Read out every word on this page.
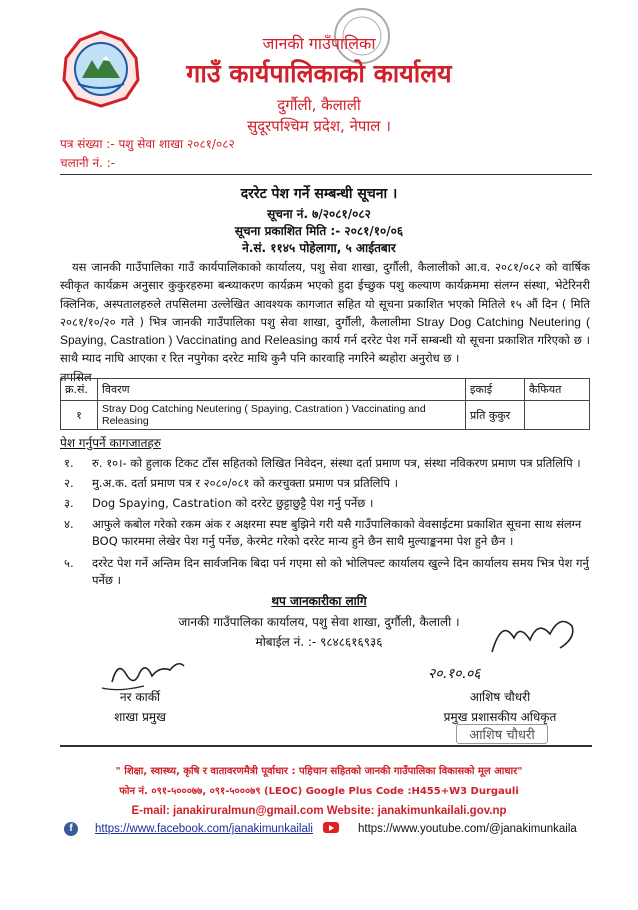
जानकी गाउँपालिका
गाउँ कार्यपालिकाको कार्यालय
दुर्गौली, कैलाली
सुदूरपश्चिम प्रदेश, नेपाल ।
पत्र संख्या :- पशु सेवा शाखा २०८१/०८२
चलानी नं. :-
दररेट पेश गर्ने सम्बन्धी सूचना ।
सूचना नं. ७/२०८१/०८२
सूचना प्रकाशित मिति :- २०८१/१०/०६
ने.सं. ११४५ पोहेलागा, ५ आईतबार

यस जानकी गाउँपालिका गाउँ कार्यपालिकाको कार्यालय, पशु सेवा शाखा, दुर्गौली, कैलालीको आ.व. २०८१/०८२ को वार्षिक स्वीकृत कार्यक्रम अनुसार कुकुरहरुमा बन्ध्याकरण कार्यक्रम भएको हुदा ईच्छुक पशु कल्याण कार्यक्रममा संलग्न संस्था, भेटेरिनरी क्लिनिक, अस्पतालहरुले तपसिलमा उल्लेखित आवश्यक कागजात सहित यो सूचना प्रकाशित भएको मितिले १५ औं दिन ( मिति २०८१/१०/२० गते ) भित्र जानकी गाउँपालिका पशु सेवा शाखा, दुर्गौली, कैलालीमा Stray Dog Catching Neutering ( Spaying, Castration ) Vaccinating and Releasing कार्य गर्न दररेट पेश गर्ने सम्बन्धी यो सूचना प्रकाशित गरिएको छ । साथै म्याद नाघि आएका र रित नपुगेका दररेट माथि कुनै पनि कारवाहि नगरिने ब्यहोरा अनुरोध छ ।

तपसिल

क्र.सं.	विवरण	इकाई	कैफियत
१	Stray Dog Catching Neutering ( Spaying, Castration ) Vaccinating and Releasing	प्रति कुकुर	
पेश गर्नुपर्ने कागजातहरु
१. रु. १०।- को हुलाक टिकट टाँस सहितको लिखित निवेदन, संस्था दर्ता प्रमाण पत्र, संस्था नविकरण प्रमाण पत्र प्रतिलिपि ।
२. मु.अ.क. दर्ता प्रमाण पत्र र २०८०/०८१ को करचुक्ता प्रमाण पत्र प्रतिलिपि ।
३. Dog Spaying, Castration को दररेट छुट्टाछुट्टै पेश गर्नु पर्नेछ ।
४. आफुले कबोल गरेको रकम अंक र अक्षरमा स्पष्ट बुझिने गरी यसै गाउँपालिकाको वेवसाईटमा प्रकाशित सूचना साथ संलग्न BOQ फारममा लेखेर पेश गर्नु पर्नेछ, केरमेट गरेको दररेट मान्य हुने छैन साथै मुल्याङ्कनमा पेश हुने छैन ।
५. दररेट पेश गर्ने अन्तिम दिन सार्वजनिक बिदा पर्न गएमा सो को भोलिपल्ट कार्यालय खुल्ने दिन कार्यालय समय भित्र पेश गर्नु पर्नेछ ।
थप जानकारीका लागि
जानकी गाउँपालिका कार्यालय, पशु सेवा शाखा, दुर्गौली, कैलाली ।
मोबाईल नं. :- ९८४८६१६९३६
नर कार्की
शाखा प्रमुख
२०.१०.०६
आशिष चौधरी
प्रमुख प्रशासकीय अधिकृत
आशिष चौधरी
" शिक्षा, स्वास्थ्य, कृषि र वातावरणमैत्री पूर्वाधार : पहिचान सहितको जानकी गाउँपालिका विकासको मूल आधार"
फोन नं. ०९१-५०००७७, ०९१-५०००७९ (LEOC) Google Plus Code :H455+W3 Durgauli
E-mail: janakiruralmun@gmail.com Website: janakimunkailali.gov.np
f	https://www.facebook.com/janakimunkailali	https://www.youtube.com/@janakimunkaila
